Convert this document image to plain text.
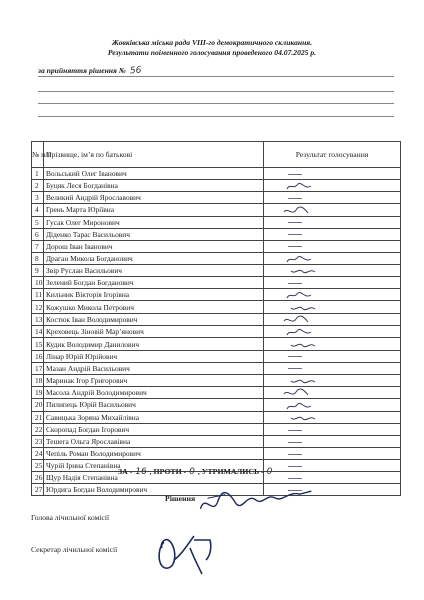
Жовківська міська рада VIII-го демократичного скликання.
Результати поіменного голосування проведеного 04.07.2025 р.
за прийняття рішення № 56
№ п/п	Прізвище, ім’я по батькові	Результат голосування
1	Вольський Олег Іванович	
2	Буцяк Леся Богданівна	
3	Великий Андрій Ярославович	
4	Грень Марта Юріївна	
5	Гусак Олег Миронович	
6	Діденко Тарас Васильович	
7	Дорош Іван Іванович	
8	Драган Микола Богданович	
9	Звір Руслан Васильович	
10	Зелений Богдан Богданович	
11	Кильник Вікторія Ігорівна	
12	Кожушко Микола Петрович	
13	Костюк Іван Володимирович	
14	Креховець Зіновій Мар’янович	
15	Кудик Володимир Данилович	
16	Лінар Юрій Юрійович	
17	Мазан Андрій Васильович	
18	Маринак Ігор Григорович	
19	Масола Андрій Володимирович	
20	Пилипець Юрій Васильович	
21	Савицька Зоряна Михайлівна	
22	Скоропад Богдан Ігорович	
23	Тешега Ольга Ярославівна	
24	Чепіль Роман Володимирович	
25	Чурій Ірина Степанівна	
26	Щур Надія Степанівна	
27	Юрдига Богдан Володимирович	
ЗА - 16 , ПРОТИ - 0 , УТРИМАЛИСЬ - 0
Рішення
Голова лічильної комісії
Секретар лічильної комісії
